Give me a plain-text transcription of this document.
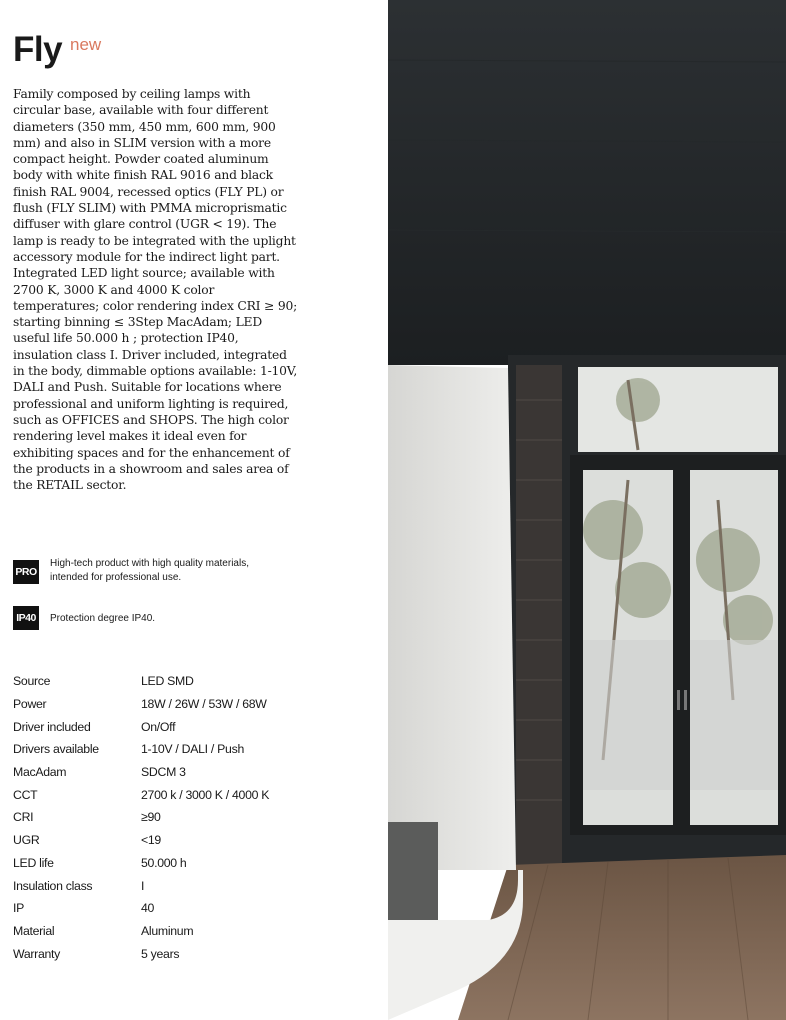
Fly new

Family composed by ceiling lamps with circular base, available with four different diameters (350 mm, 450 mm, 600 mm, 900 mm) and also in SLIM version with a more compact height. Powder coated aluminum body with white finish RAL 9016 and black finish RAL 9004, recessed optics (FLY PL) or flush (FLY SLIM) with PMMA microprismatic diffuser with glare control (UGR < 19). The lamp is ready to be integrated with the uplight accessory module for the indirect light part. Integrated LED light source; available with 2700 K, 3000 K and 4000 K color temperatures; color rendering index CRI ≥ 90; starting binning ≤ 3Step MacAdam; LED useful life 50.000 h ; protection IP40, insulation class I. Driver included, integrated in the body, dimmable options available: 1-10V, DALI and Push. Suitable for locations where professional and uniform lighting is required, such as OFFICES and SHOPS. The high color rendering level makes it ideal even for exhibiting spaces and for the enhancement of the products in a showroom and sales area of the RETAIL sector.

PRO
High-tech product with high quality materials,
intended for professional use.
IP40	Protection degree IP40.
Source	LED SMD
Power	18W / 26W / 53W / 68W
Driver included	On/Off
Drivers available	1-10V / DALI / Push
MacAdam	SDCM 3
CCT	2700 k / 3000 K / 4000 K
CRI	≥90
UGR	<19
LED life	50.000 h
Insulation class	I
IP	40
Material	Aluminum
Warranty	5 years
